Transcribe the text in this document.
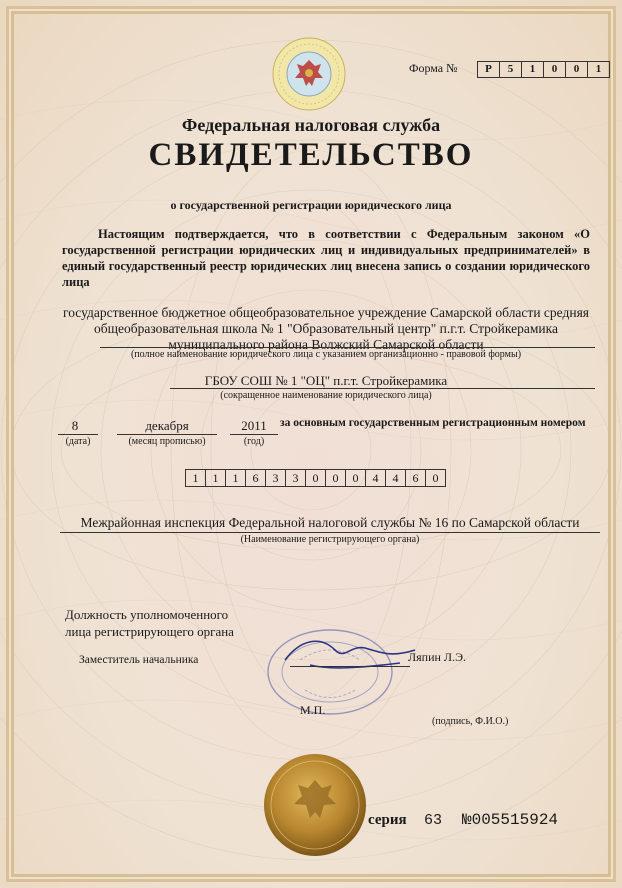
Форма №	Р	5	1	0	0	1
Федеральная налоговая служба
СВИДЕТЕЛЬСТВО
о государственной регистрации юридического лица
Настоящим подтверждается, что в соответствии с Федеральным законом «О государственной регистрации юридических лиц и индивидуальных предпринимателей» в единый государственный реестр юридических лиц внесена запись о создании юридического лица
государственное бюджетное общеобразовательное учреждение Самарской области средняя общеобразовательная школа № 1 "Образовательный центр" п.г.т. Стройкерамика муниципального района Волжский Самарской области
(полное наименование юридического лица с указанием организационно - правовой формы)
ГБОУ СОШ № 1 "ОЦ" п.г.т. Стройкерамика
(сокращенное наименование юридического лица)
8
(дата)
декабря
(месяц прописью)
2011
(год)
за основным государственным регистрационным номером
1	1	1	6	3	3	0	0	0	4	4	6	0
Межрайонная инспекция Федеральной налоговой службы № 16 по Самарской области
(Наименование регистрирующего органа)
Должность уполномоченного
лица регистрирующего органа
Заместитель начальника	Ляпин Л.Э.
М.П.
(подпись, Ф.И.О.)
серия 63 №005515924
